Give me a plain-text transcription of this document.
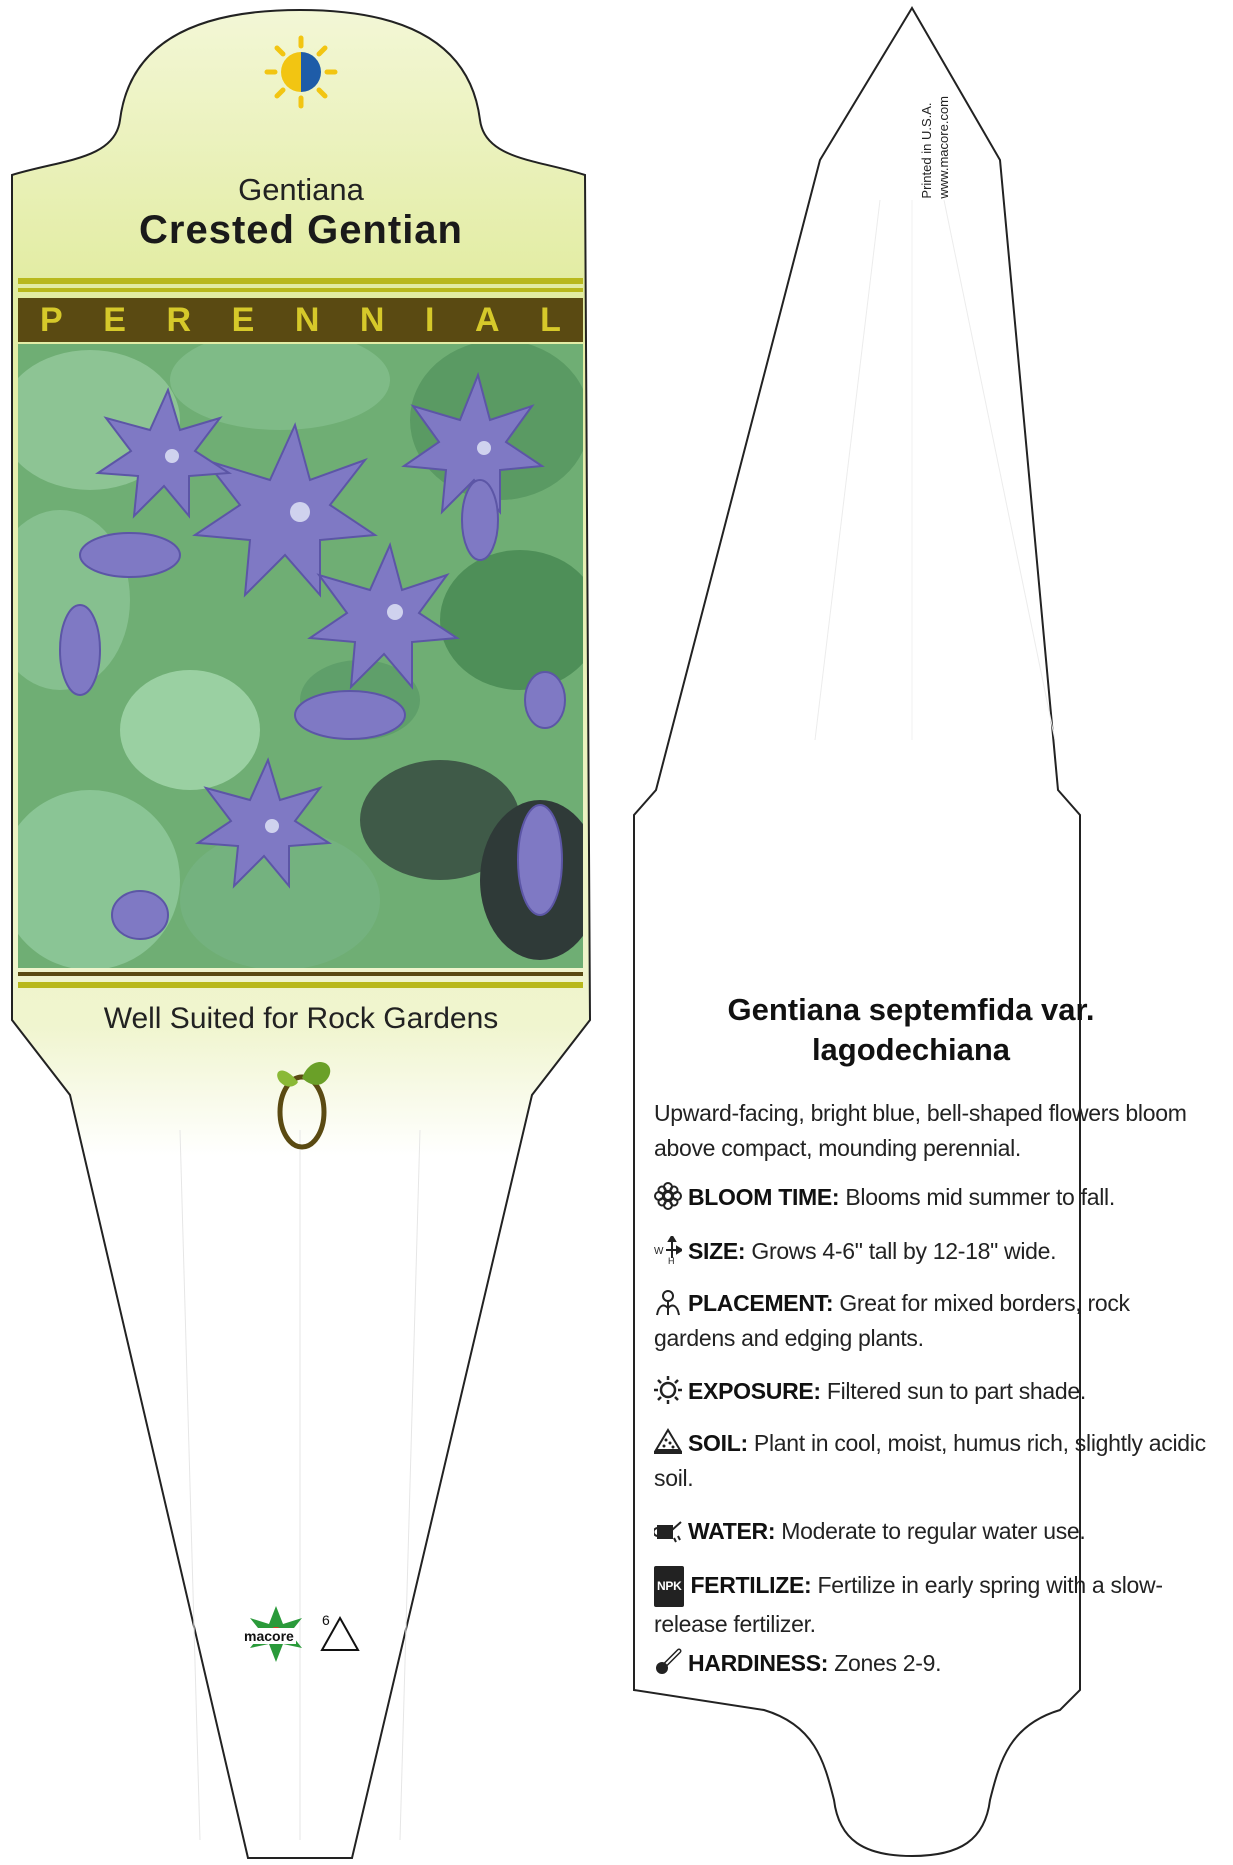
Gentiana
Crested Gentian
P E R E N N I A L
Well Suited for Rock Gardens
macore
6
Printed in U.S.A. www.macore.com
Gentiana septemfida var.
lagodechiana
Upward-facing, bright blue, bell-shaped flowers bloom above compact, mounding perennial.
BLOOM TIME: Blooms mid summer to fall.
W
H SIZE: Grows 4-6" tall by 12-18" wide.
PLACEMENT: Great for mixed borders, rock gardens and edging plants.
EXPOSURE: Filtered sun to part shade.
SOIL: Plant in cool, moist, humus rich, slightly acidic soil.
WATER: Moderate to regular water use.
NPK FERTILIZE: Fertilize in early spring with a slow-release fertilizer.
HARDINESS: Zones 2-9.
